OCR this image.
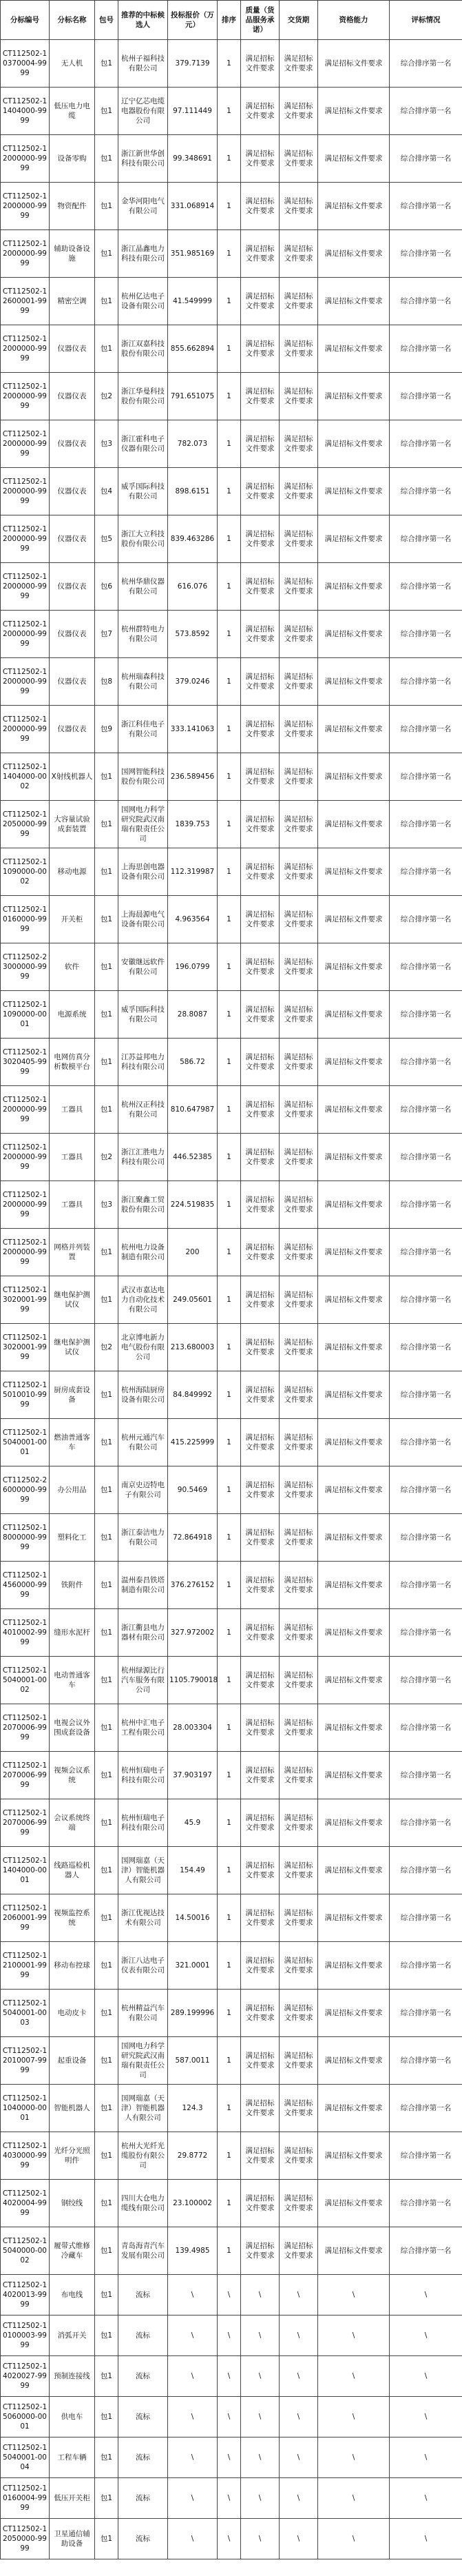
分标编号	分标名称	包号	推荐的中标候选人	投标报价（万元）	排序	质量（货品服务承诺）	交货期	资格能力	评标情况
CT112502-10370004-9999	无人机	包1	杭州子福科技有限公司	379.7139	1	满足招标文件要求	满足招标文件要求	满足招标文件要求	综合排序第一名
CT112502-11404000-9999	低压电力电缆	包1	辽宁亿芯电缆电器股份有限公司	97.111449	1	满足招标文件要求	满足招标文件要求	满足招标文件要求	综合排序第一名
CT112502-12000000-9999	设备零购	包1	浙江新世华创科技有限公司	99.348691	1	满足招标文件要求	满足招标文件要求	满足招标文件要求	综合排序第一名
CT112502-12000000-9999	物资配件	包1	金华河阳电气有限公司	331.068914	1	满足招标文件要求	满足招标文件要求	满足招标文件要求	综合排序第一名
CT112502-12000000-9999	辅助设备设施	包1	浙江晶鑫电力科技有限公司	351.985169	1	满足招标文件要求	满足招标文件要求	满足招标文件要求	综合排序第一名
CT112502-12600001-9999	精密空调	包1	杭州亿达电子设备有限公司	41.549999	1	满足招标文件要求	满足招标文件要求	满足招标文件要求	综合排序第一名
CT112502-12000000-9999	仪器仪表	包1	浙江双嘉科技股份有限公司	855.662894	1	满足招标文件要求	满足招标文件要求	满足招标文件要求	综合排序第一名
CT112502-12000000-9999	仪器仪表	包2	浙江华曼科技股份有限公司	791.651075	1	满足招标文件要求	满足招标文件要求	满足招标文件要求	综合排序第一名
CT112502-12000000-9999	仪器仪表	包3	浙江霍科电子仪器有限公司	782.073	1	满足招标文件要求	满足招标文件要求	满足招标文件要求	综合排序第一名
CT112502-12000000-9999	仪器仪表	包4	威孚国际科技有限公司	898.6151	1	满足招标文件要求	满足招标文件要求	满足招标文件要求	综合排序第一名
CT112502-12000000-9999	仪器仪表	包5	浙江大立科技股份有限公司	839.463286	1	满足招标文件要求	满足招标文件要求	满足招标文件要求	综合排序第一名
CT112502-12000000-9999	仪器仪表	包6	杭州华鼎仪器有限公司	616.076	1	满足招标文件要求	满足招标文件要求	满足招标文件要求	综合排序第一名
CT112502-12000000-9999	仪器仪表	包7	杭州群特电力有限公司	573.8592	1	满足招标文件要求	满足招标文件要求	满足招标文件要求	综合排序第一名
CT112502-12000000-9999	仪器仪表	包8	杭州瑞森科技有限公司	379.0246	1	满足招标文件要求	满足招标文件要求	满足招标文件要求	综合排序第一名
CT112502-12000000-9999	仪器仪表	包9	浙江科佳电子有限公司	333.141063	1	满足招标文件要求	满足招标文件要求	满足招标文件要求	综合排序第一名
CT112502-11404000-0002	X射线机器人	包1	国网智能科技股份有限公司	236.589456	1	满足招标文件要求	满足招标文件要求	满足招标文件要求	综合排序第一名
CT112502-12050000-9999	大容量试验成套装置	包1	国网电力科学研究院武汉南瑞有限责任公司	1839.753	1	满足招标文件要求	满足招标文件要求	满足招标文件要求	综合排序第一名
CT112502-11090000-0002	移动电源	包1	上海思创电器设备有限公司	112.319987	1	满足招标文件要求	满足招标文件要求	满足招标文件要求	综合排序第一名
CT112502-10160000-9999	开关柜	包1	上海晨源电气设备有限公司	4.963564	1	满足招标文件要求	满足招标文件要求	满足招标文件要求	综合排序第一名
CT112502-23000000-9999	软件	包1	安徽继远软件有限公司	196.0799	1	满足招标文件要求	满足招标文件要求	满足招标文件要求	综合排序第一名
CT112502-11090000-0001	电源系统	包1	威孚国际科技有限公司	28.8087	1	满足招标文件要求	满足招标文件要求	满足招标文件要求	综合排序第一名
CT112502-13020405-9999	电网仿真分析数模平台	包1	江苏益邦电力科技有限公司	586.72	1	满足招标文件要求	满足招标文件要求	满足招标文件要求	综合排序第一名
CT112502-12000000-9999	工器具	包1	杭州汉正科技有限公司	810.647987	1	满足招标文件要求	满足招标文件要求	满足招标文件要求	综合排序第一名
CT112502-12000000-9999	工器具	包2	浙江汇胜电力科技有限公司	446.52385	1	满足招标文件要求	满足招标文件要求	满足招标文件要求	综合排序第一名
CT112502-12000000-9999	工器具	包3	浙江聚鑫工贸股份有限公司	224.519835	1	满足招标文件要求	满足招标文件要求	满足招标文件要求	综合排序第一名
CT112502-12000000-9999	网格并列装置	包1	杭州电力设备制造有限公司	200	1	满足招标文件要求	满足招标文件要求	满足招标文件要求	综合排序第一名
CT112502-13020001-9999	继电保护测试仪	包1	武汉市嘉达电力自动化技术有限公司	249.05601	1	满足招标文件要求	满足招标文件要求	满足招标文件要求	综合排序第一名
CT112502-13020001-9999	继电保护测试仪	包2	北京博电新力电气股份有限公司	213.680003	1	满足招标文件要求	满足招标文件要求	满足招标文件要求	综合排序第一名
CT112502-15010010-9999	厨房成套设备	包1	杭州海陆厨房设备有限公司	84.849992	1	满足招标文件要求	满足招标文件要求	满足招标文件要求	综合排序第一名
CT112502-15040001-0001	燃油普通客车	包1	杭州元通汽车有限公司	415.225999	1	满足招标文件要求	满足招标文件要求	满足招标文件要求	综合排序第一名
CT112502-26000000-9999	办公用品	包1	南京史迈特电子有限公司	90.5469	1	满足招标文件要求	满足招标文件要求	满足招标文件要求	综合排序第一名
CT112502-18000000-9999	塑料化工	包1	浙江泰洁电力有限公司	72.864918	1	满足招标文件要求	满足招标文件要求	满足招标文件要求	综合排序第一名
CT112502-14560000-9999	铁附件	包1	温州泰昌铁塔制造有限公司	376.276152	1	满足招标文件要求	满足招标文件要求	满足招标文件要求	综合排序第一名
CT112502-14010002-9999	缝形水泥杆	包1	浙江衢县电力器材有限公司	327.972002	1	满足招标文件要求	满足招标文件要求	满足招标文件要求	综合排序第一名
CT112502-15040001-0002	电动普通客车	包1	杭州绿源比行汽车服务有限公司	1105.790018	1	满足招标文件要求	满足招标文件要求	满足招标文件要求	综合排序第一名
CT112502-12070006-9999	电视会议外围成套设备	包1	杭州中汇电子工程有限公司	28.003304	1	满足招标文件要求	满足招标文件要求	满足招标文件要求	综合排序第一名
CT112502-12070006-9999	视频会议系统	包1	杭州恒瑞电子科技有限公司	37.903197	1	满足招标文件要求	满足招标文件要求	满足招标文件要求	综合排序第一名
CT112502-12070006-9999	会议系统终端	包1	杭州恒瑞电子科技有限公司	45.9	1	满足招标文件要求	满足招标文件要求	满足招标文件要求	综合排序第一名
CT112502-11404000-0001	线路巡检机器人	包1	国网瑞嘉（天津）智能机器人有限公司	154.49	1	满足招标文件要求	满足招标文件要求	满足招标文件要求	综合排序第一名
CT112502-12060001-9999	视频监控系统	包1	浙江优视达技术有限公司	14.50016	1	满足招标文件要求	满足招标文件要求	满足招标文件要求	综合排序第一名
CT112502-12100001-9999	移动布控球	包1	浙江八达电子仪表有限公司	321.0001	1	满足招标文件要求	满足招标文件要求	满足招标文件要求	综合排序第一名
CT112502-15040001-0003	电动皮卡	包1	杭州精益汽车有限公司	289.199996	1	满足招标文件要求	满足招标文件要求	满足招标文件要求	综合排序第一名
CT112502-12010007-9999	起重设备	包1	国网电力科学研究院武汉南瑞有限责任公司	587.0011	1	满足招标文件要求	满足招标文件要求	满足招标文件要求	综合排序第一名
CT112502-11040000-0001	智能机器人	包1	国网瑞嘉（天津）智能机器人有限公司	124.3	1	满足招标文件要求	满足招标文件要求	满足招标文件要求	综合排序第一名
CT112502-14030000-9999	光纤分光照明件	包1	杭州大光纤光缆股份有限公司	29.8772	1	满足招标文件要求	满足招标文件要求	满足招标文件要求	综合排序第一名
CT112502-14020004-9999	钢绞线	包1	四川大仓电力缆线有限公司	23.100002	1	满足招标文件要求	满足招标文件要求	满足招标文件要求	综合排序第一名
CT112502-15040000-0002	履带式维修冷藏车	包1	青岛海青汽车发展有限公司	139.4985	1	满足招标文件要求	满足招标文件要求	满足招标文件要求	综合排序第一名
CT112502-14020013-9999	布电线	包1	流标	\	\	\	\	\	\
CT112502-10100003-9999	消弧开关	包1	流标	\	\	\	\	\	\
CT112502-14020027-9999	预制连接线	包1	流标	\	\	\	\	\	\
CT112502-15060000-0001	供电车	包1	流标	\	\	\	\	\	\
CT112502-15040001-0004	工程车辆	包1	流标	\	\	\	\	\	\
CT112502-10160004-9999	低压开关柜	包1	流标	\	\	\	\	\	\
CT112502-12050000-9999	卫星通信辅助设备	包1	流标	\	\	\	\	\	\
